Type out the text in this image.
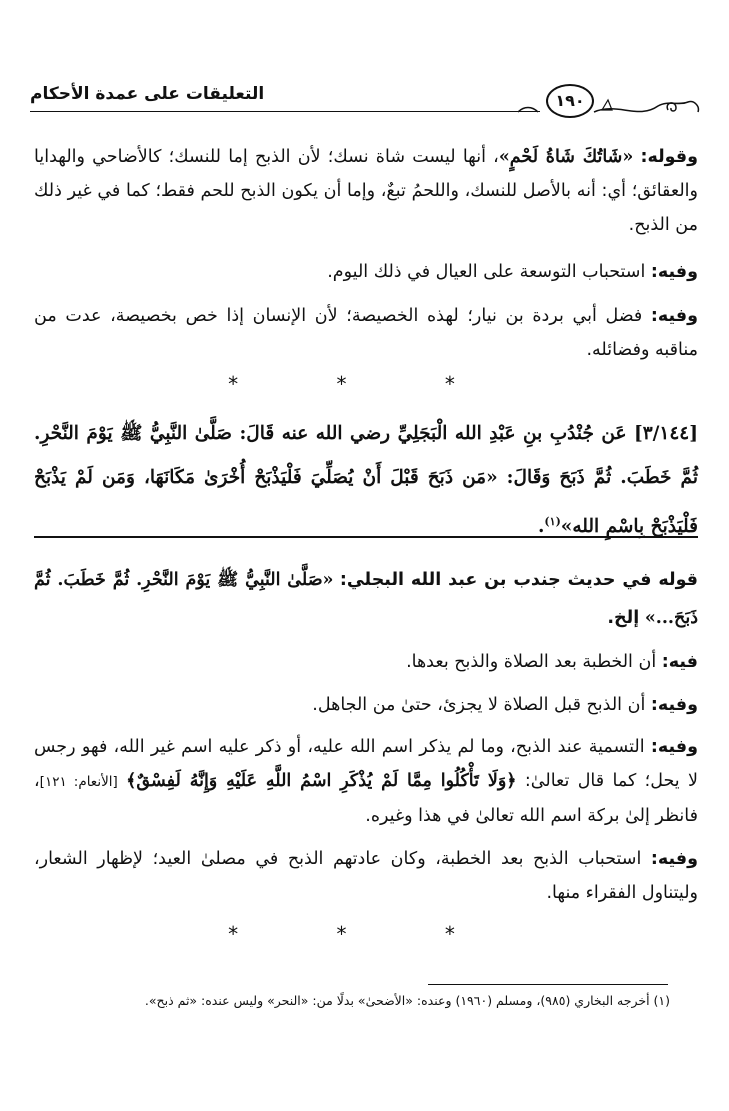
التعليقات على عمدة الأحكام	١٩٠
وقوله: «شَاتُكَ شَاةُ لَحْمٍ»، أنها ليست شاة نسك؛ لأن الذبح إما للنسك؛ كالأضاحي والهدايا والعقائق؛ أي: أنه بالأصل للنسك، واللحمُ تبعٌ، وإما أن يكون الذبح للحم فقط؛ كما في غير ذلك من الذبح.
وفيه: استحباب التوسعة على العيال في ذلك اليوم.
وفيه: فضل أبي بردة بن نيار؛ لهذه الخصيصة؛ لأن الإنسان إذا خص بخصيصة، عدت من مناقبه وفضائله.
* * *
[٣/١٤٤] عَن جُنْدُبِ بنِ عَبْدِ الله الْبَجَلِيِّ رضي الله عنه قَالَ: صَلَّىٰ النَّبِيُّ ﷺ يَوْمَ النَّحْرِ. ثُمَّ خَطَبَ. ثُمَّ ذَبَحَ وَقَالَ: «مَن ذَبَحَ قَبْلَ أَنْ يُصَلِّيَ فَلْيَذْبَحْ أُخْرَىٰ مَكَانَهَا، وَمَن لَمْ يَذْبَحْ فَلْيَذْبَحْ بِاسْمِ الله»$^{(١)}$.
قوله في حديث جندب بن عبد الله البجلي: «صَلَّىٰ النَّبِيُّ ﷺ يَوْمَ النَّحْرِ. ثُمَّ خَطَبَ. ثُمَّ ذَبَحَ...» إلخ.
فيه: أن الخطبة بعد الصلاة والذبح بعدها.
وفيه: أن الذبح قبل الصلاة لا يجزئ، حتىٰ من الجاهل.
وفيه: التسمية عند الذبح، وما لم يذكر اسم الله عليه، أو ذكر عليه اسم غير الله، فهو رجس لا يحل؛ كما قال تعالىٰ: ﴿وَلَا تَأْكُلُوا مِمَّا لَمْ يُذْكَرِ اسْمُ اللَّهِ عَلَيْهِ وَإِنَّهُ لَفِسْقٌ﴾ [الأنعام: ١٢١]، فانظر إلىٰ بركة اسم الله تعالىٰ في هذا وغيره.
وفيه: استحباب الذبح بعد الخطبة، وكان عادتهم الذبح في مصلىٰ العيد؛ لإظهار الشعار، وليتناول الفقراء منها.
* * *
(١) أخرجه البخاري (٩٨٥)، ومسلم (١٩٦٠) وعنده: «الأضحىٰ» بدلًا من: «النحر» وليس عنده: «ثم ذبح».
